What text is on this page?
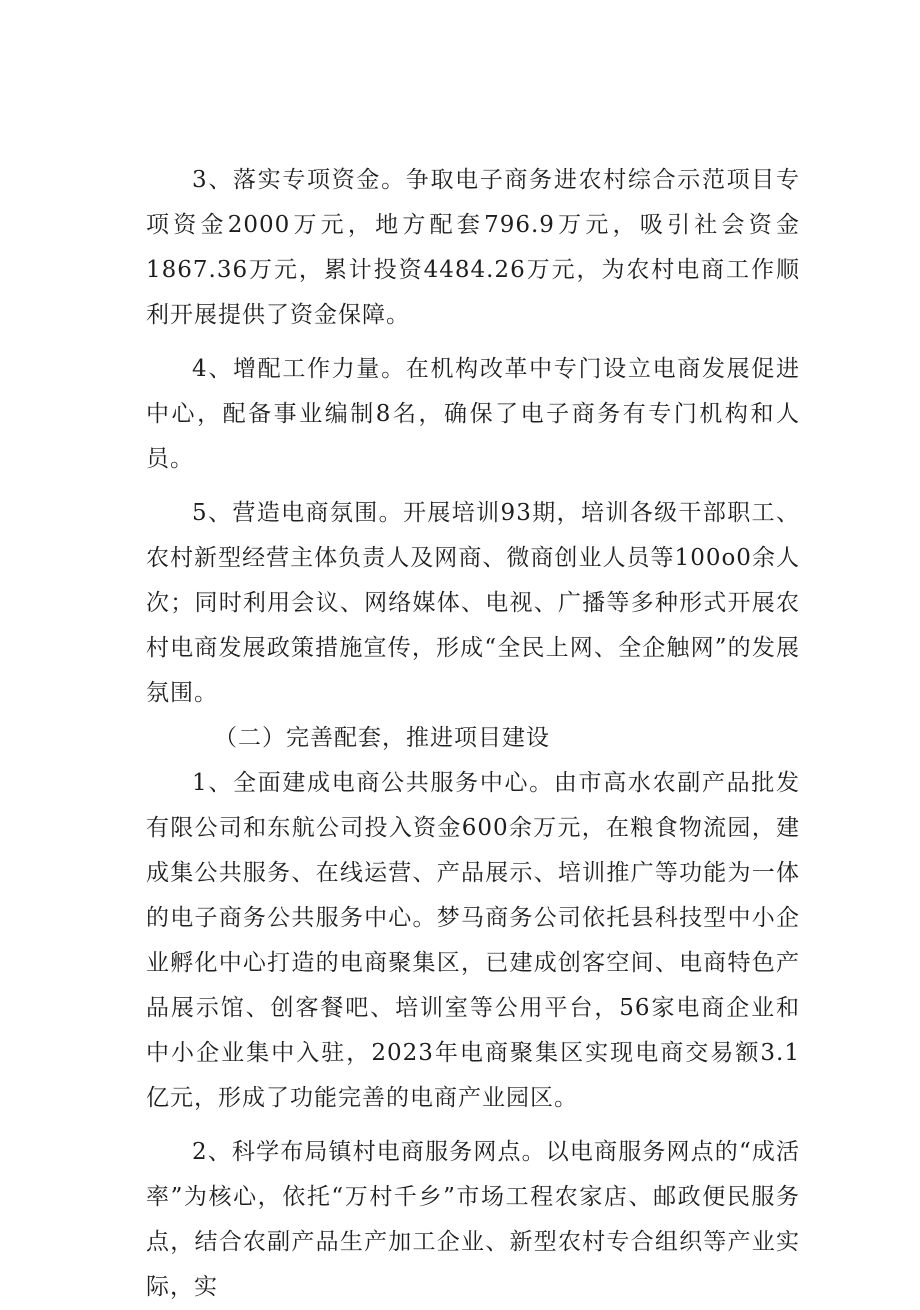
3、落实专项资金。争取电子商务进农村综合示范项目专项资金2000万元，地方配套796.9万元，吸引社会资金1867.36万元，累计投资4484.26万元，为农村电商工作顺利开展提供了资金保障。

4、增配工作力量。在机构改革中专门设立电商发展促进中心，配备事业编制8名，确保了电子商务有专门机构和人员。

5、营造电商氛围。开展培训93期，培训各级干部职工、农村新型经营主体负责人及网商、微商创业人员等100o0余人次；同时利用会议、网络媒体、电视、广播等多种形式开展农村电商发展政策措施宣传，形成“全民上网、全企触网”的发展氛围。

（二）完善配套，推进项目建设

1、全面建成电商公共服务中心。由市高水农副产品批发有限公司和东航公司投入资金600余万元，在粮食物流园，建成集公共服务、在线运营、产品展示、培训推广等功能为一体的电子商务公共服务中心。梦马商务公司依托县科技型中小企业孵化中心打造的电商聚集区，已建成创客空间、电商特色产品展示馆、创客餐吧、培训室等公用平台，56家电商企业和中小企业集中入驻，2023年电商聚集区实现电商交易额3.1亿元，形成了功能完善的电商产业园区。

2、科学布局镇村电商服务网点。以电商服务网点的“成活率”为核心，依托“万村千乡”市场工程农家店、邮政便民服务点，结合农副产品生产加工企业、新型农村专合组织等产业实际，实
